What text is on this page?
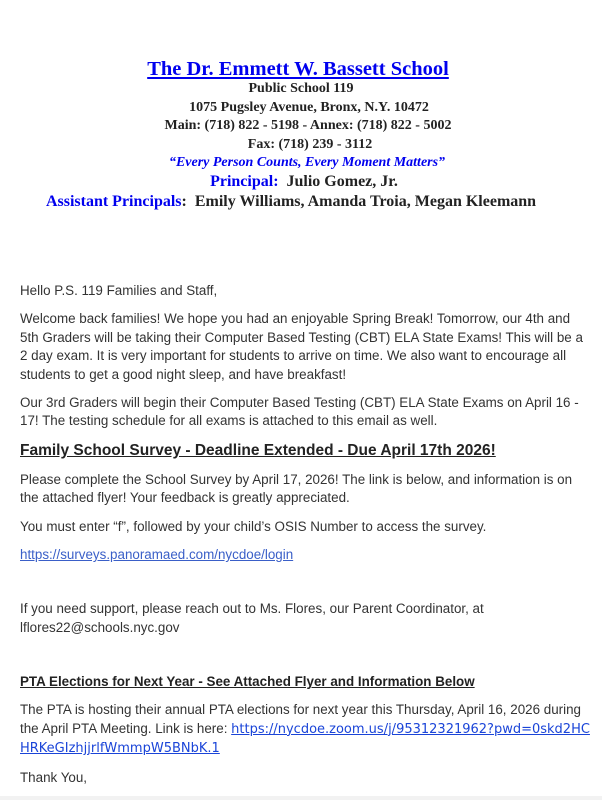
The Dr. Emmett W. Bassett School
Public School 119
1075 Pugsley Avenue, Bronx, N.Y. 10472
Main: (718) 822 - 5198 - Annex: (718) 822 - 5002
Fax: (718) 239 - 3112
“Every Person Counts, Every Moment Matters”
Principal: Julio Gomez, Jr.
Assistant Principals: Emily Williams, Amanda Troia, Megan Kleemann

Hello P.S. 119 Families and Staff,

Welcome back families! We hope you had an enjoyable Spring Break! Tomorrow, our 4th and 5th Graders will be taking their Computer Based Testing (CBT) ELA State Exams! This will be a 2 day exam. It is very important for students to arrive on time. We also want to encourage all students to get a good night sleep, and have breakfast!

Our 3rd Graders will begin their Computer Based Testing (CBT) ELA State Exams on April 16 - 17! The testing schedule for all exams is attached to this email as well.

Family School Survey - Deadline Extended - Due April 17th 2026!

Please complete the School Survey by April 17, 2026! The link is below, and information is on the attached flyer! Your feedback is greatly appreciated.

You must enter “f”, followed by your child’s OSIS Number to access the survey.

https://surveys.panoramaed.com/nycdoe/login

If you need support, please reach out to Ms. Flores, our Parent Coordinator, at lflores22@schools.nyc.gov

PTA Elections for Next Year - See Attached Flyer and Information Below

The PTA is hosting their annual PTA elections for next year this Thursday, April 16, 2026 during the April PTA Meeting. Link is here: https://nycdoe.zoom.us/j/95312321962?pwd=0skd2HCHRKeGIzhjjrlfWmmpW5BNbK.1

Thank You,
